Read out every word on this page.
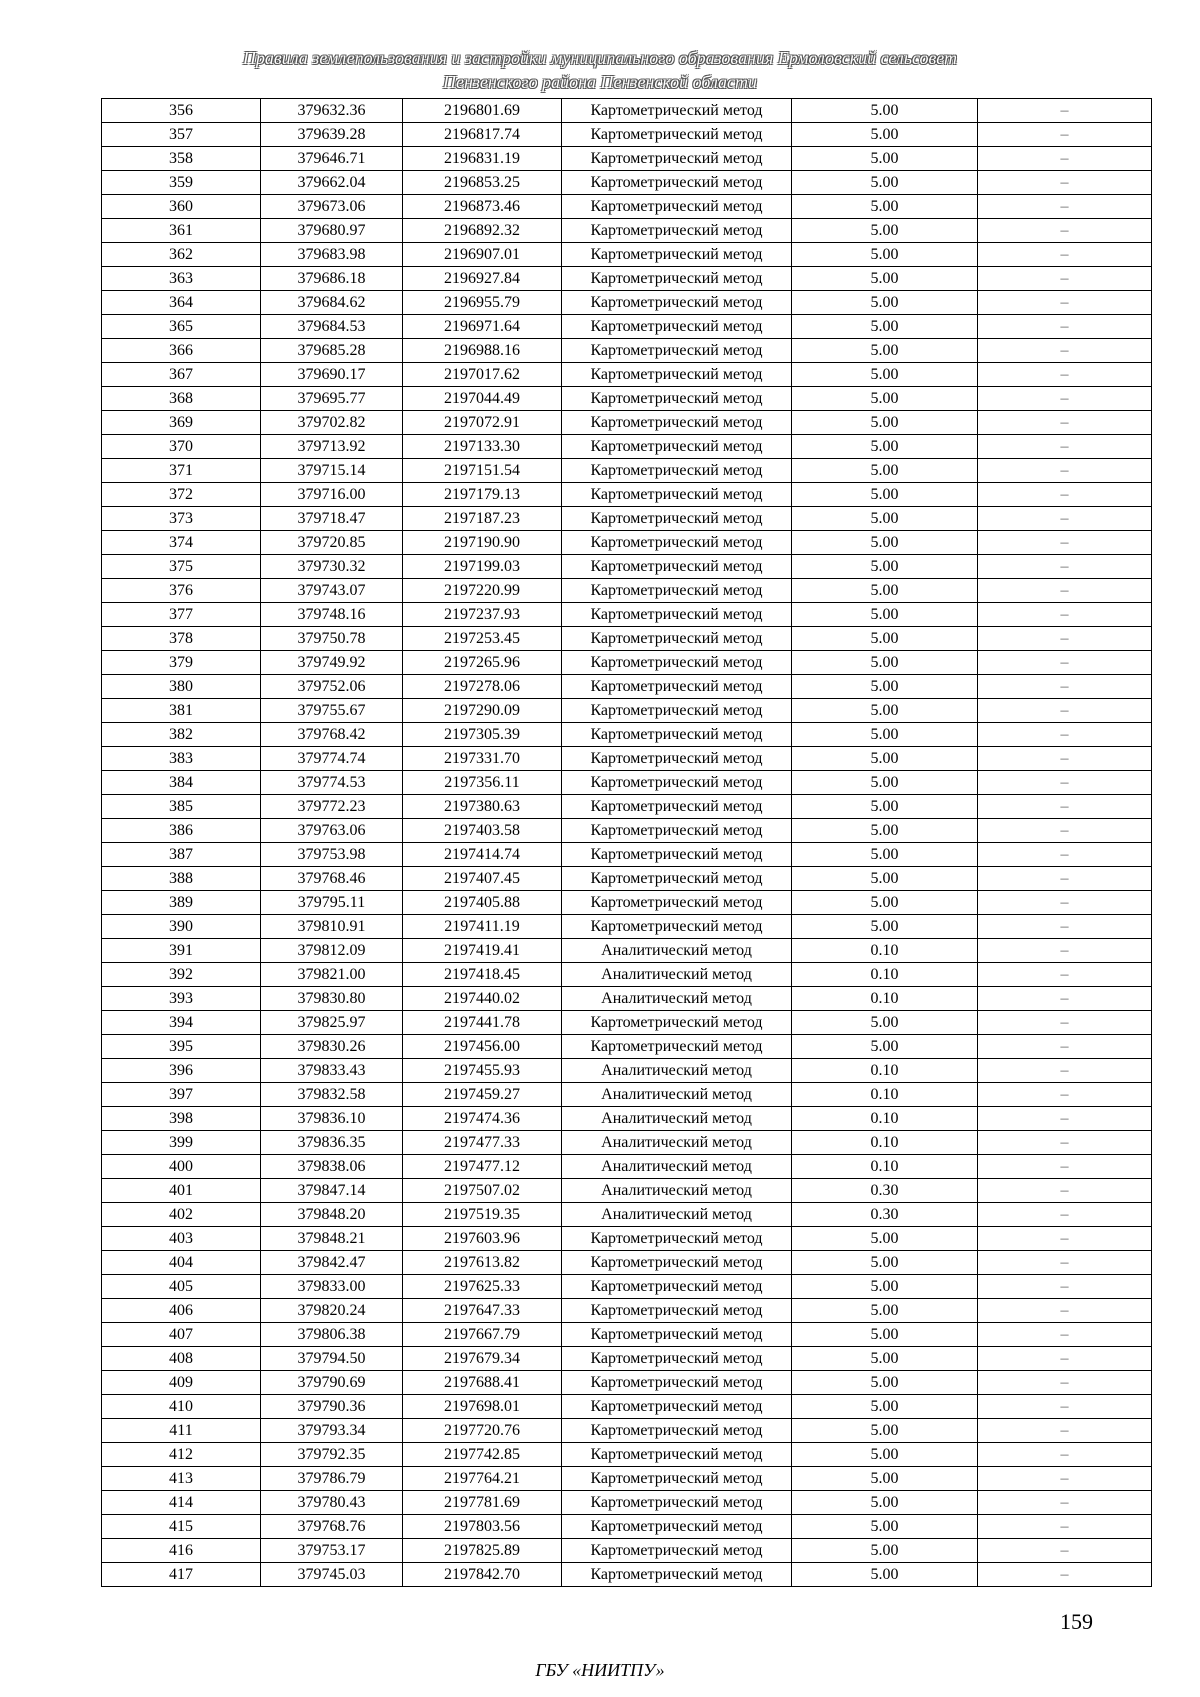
Правила землепользования и застройки муниципального образования Ермоловский сельсовет
Пензенского района Пензенской области
356	379632.36	2196801.69	Картометрический метод	5.00	–
357	379639.28	2196817.74	Картометрический метод	5.00	–
358	379646.71	2196831.19	Картометрический метод	5.00	–
359	379662.04	2196853.25	Картометрический метод	5.00	–
360	379673.06	2196873.46	Картометрический метод	5.00	–
361	379680.97	2196892.32	Картометрический метод	5.00	–
362	379683.98	2196907.01	Картометрический метод	5.00	–
363	379686.18	2196927.84	Картометрический метод	5.00	–
364	379684.62	2196955.79	Картометрический метод	5.00	–
365	379684.53	2196971.64	Картометрический метод	5.00	–
366	379685.28	2196988.16	Картометрический метод	5.00	–
367	379690.17	2197017.62	Картометрический метод	5.00	–
368	379695.77	2197044.49	Картометрический метод	5.00	–
369	379702.82	2197072.91	Картометрический метод	5.00	–
370	379713.92	2197133.30	Картометрический метод	5.00	–
371	379715.14	2197151.54	Картометрический метод	5.00	–
372	379716.00	2197179.13	Картометрический метод	5.00	–
373	379718.47	2197187.23	Картометрический метод	5.00	–
374	379720.85	2197190.90	Картометрический метод	5.00	–
375	379730.32	2197199.03	Картометрический метод	5.00	–
376	379743.07	2197220.99	Картометрический метод	5.00	–
377	379748.16	2197237.93	Картометрический метод	5.00	–
378	379750.78	2197253.45	Картометрический метод	5.00	–
379	379749.92	2197265.96	Картометрический метод	5.00	–
380	379752.06	2197278.06	Картометрический метод	5.00	–
381	379755.67	2197290.09	Картометрический метод	5.00	–
382	379768.42	2197305.39	Картометрический метод	5.00	–
383	379774.74	2197331.70	Картометрический метод	5.00	–
384	379774.53	2197356.11	Картометрический метод	5.00	–
385	379772.23	2197380.63	Картометрический метод	5.00	–
386	379763.06	2197403.58	Картометрический метод	5.00	–
387	379753.98	2197414.74	Картометрический метод	5.00	–
388	379768.46	2197407.45	Картометрический метод	5.00	–
389	379795.11	2197405.88	Картометрический метод	5.00	–
390	379810.91	2197411.19	Картометрический метод	5.00	–
391	379812.09	2197419.41	Аналитический метод	0.10	–
392	379821.00	2197418.45	Аналитический метод	0.10	–
393	379830.80	2197440.02	Аналитический метод	0.10	–
394	379825.97	2197441.78	Картометрический метод	5.00	–
395	379830.26	2197456.00	Картометрический метод	5.00	–
396	379833.43	2197455.93	Аналитический метод	0.10	–
397	379832.58	2197459.27	Аналитический метод	0.10	–
398	379836.10	2197474.36	Аналитический метод	0.10	–
399	379836.35	2197477.33	Аналитический метод	0.10	–
400	379838.06	2197477.12	Аналитический метод	0.10	–
401	379847.14	2197507.02	Аналитический метод	0.30	–
402	379848.20	2197519.35	Аналитический метод	0.30	–
403	379848.21	2197603.96	Картометрический метод	5.00	–
404	379842.47	2197613.82	Картометрический метод	5.00	–
405	379833.00	2197625.33	Картометрический метод	5.00	–
406	379820.24	2197647.33	Картометрический метод	5.00	–
407	379806.38	2197667.79	Картометрический метод	5.00	–
408	379794.50	2197679.34	Картометрический метод	5.00	–
409	379790.69	2197688.41	Картометрический метод	5.00	–
410	379790.36	2197698.01	Картометрический метод	5.00	–
411	379793.34	2197720.76	Картометрический метод	5.00	–
412	379792.35	2197742.85	Картометрический метод	5.00	–
413	379786.79	2197764.21	Картометрический метод	5.00	–
414	379780.43	2197781.69	Картометрический метод	5.00	–
415	379768.76	2197803.56	Картометрический метод	5.00	–
416	379753.17	2197825.89	Картометрический метод	5.00	–
417	379745.03	2197842.70	Картометрический метод	5.00	–
159
ГБУ «НИИТПУ»
